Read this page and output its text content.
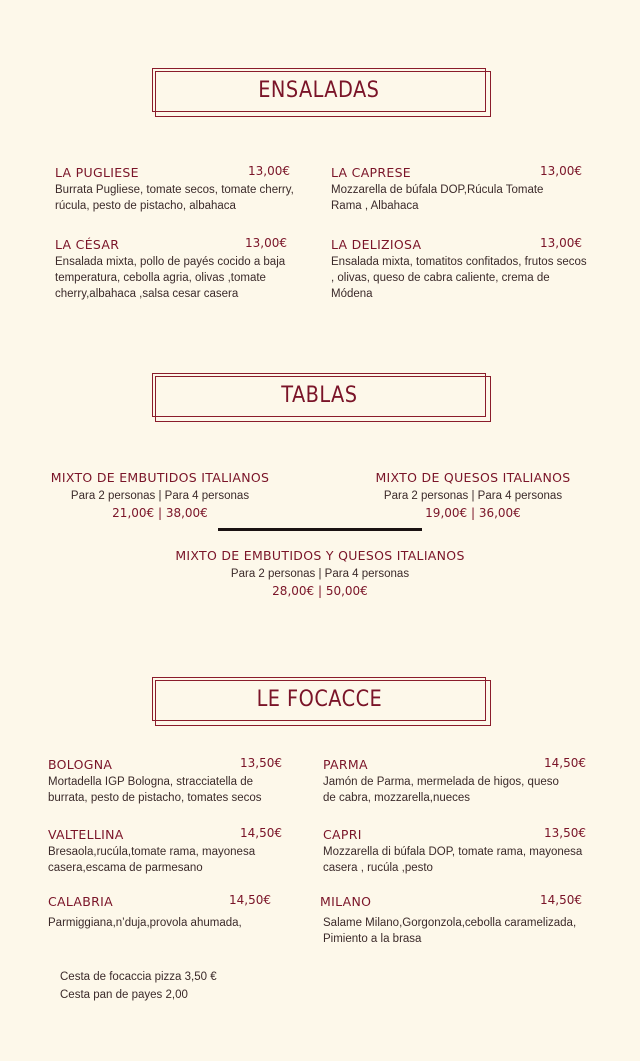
ENSALADAS
LA PUGLIESE	13,00€
Burrata Pugliese, tomate secos, tomate cherry, rúcula, pesto de pistacho, albahaca
LA CAPRESE	13,00€
Mozzarella de búfala DOP,Rúcula Tomate Rama , Albahaca
LA CÉSAR	13,00€
Ensalada mixta, pollo de payés cocido a baja temperatura, cebolla agria, olivas ,tomate cherry,albahaca ,salsa cesar casera
LA DELIZIOSA	13,00€
Ensalada mixta, tomatitos confitados, frutos secos , olivas, queso de cabra caliente, crema de Módena
TABLAS
MIXTO DE EMBUTIDOS ITALIANOS
Para 2 personas | Para 4 personas
21,00€ | 38,00€
MIXTO DE QUESOS ITALIANOS
Para 2 personas | Para 4 personas
19,00€ | 36,00€
MIXTO DE EMBUTIDOS Y QUESOS ITALIANOS
Para 2 personas | Para 4 personas
28,00€ | 50,00€
LE FOCACCE
BOLOGNA	13,50€
Mortadella IGP Bologna, stracciatella de burrata, pesto de pistacho, tomates secos
PARMA	14,50€
Jamón de Parma, mermelada de higos, queso de cabra, mozzarella,nueces
VALTELLINA	14,50€
Bresaola,rucúla,tomate rama, mayonesa casera,escama de parmesano
CAPRI	13,50€
Mozzarella di búfala DOP, tomate rama, mayonesa casera , rucúla ,pesto
CALABRIA	14,50€
Parmiggiana,n’duja,provola ahumada,
MILANO	14,50€
Salame Milano,Gorgonzola,cebolla caramelizada, Pimiento a la brasa
Cesta de focaccia pizza 3,50 €
Cesta pan de payes 2,00
